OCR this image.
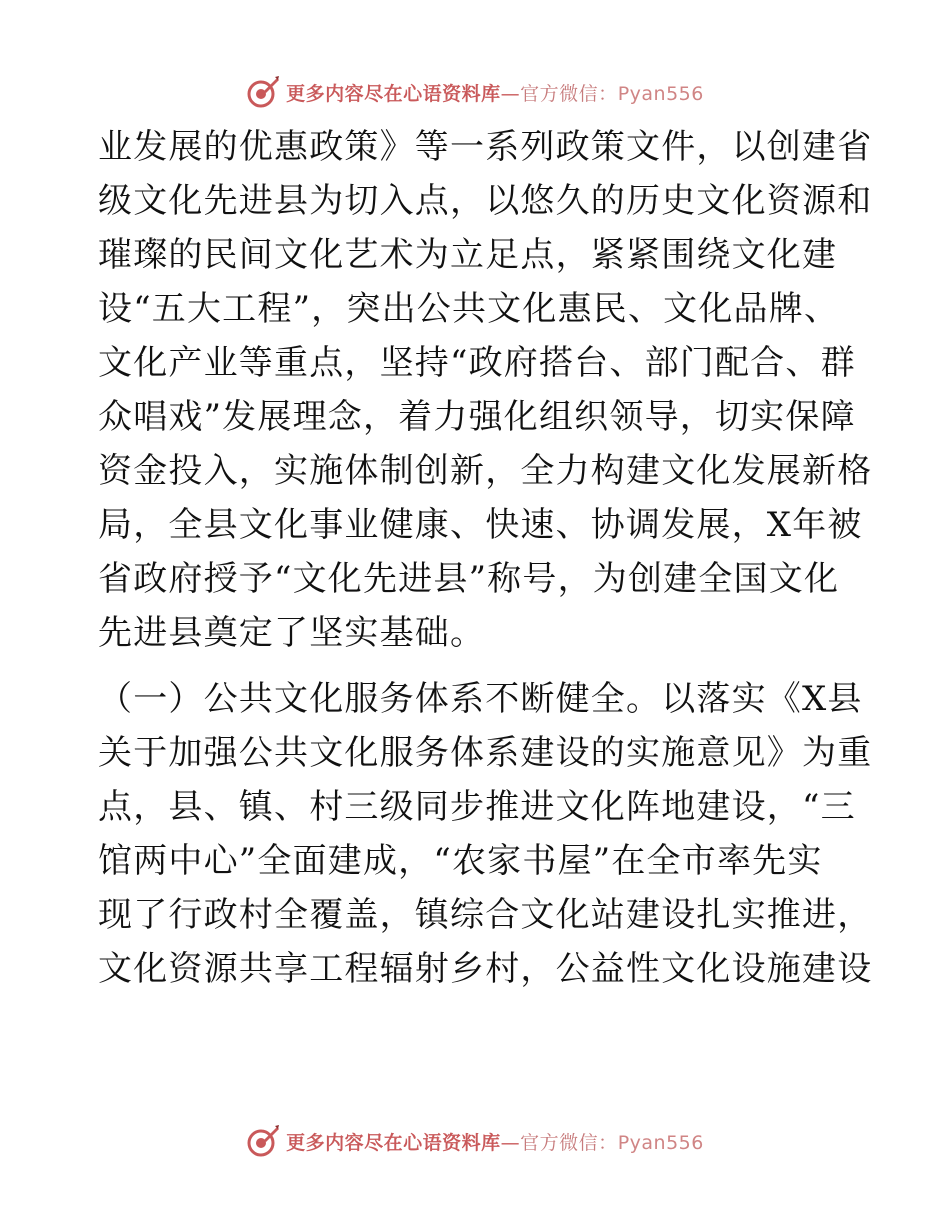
更多内容尽在心语资料库—官方微信：Pyan556
业发展的优惠政策》等一系列政策文件，以创建省
级文化先进县为切入点，以悠久的历史文化资源和
璀璨的民间文化艺术为立足点，紧紧围绕文化建
设“五大工程”，突出公共文化惠民、文化品牌、
文化产业等重点，坚持“政府搭台、部门配合、群
众唱戏”发展理念，着力强化组织领导，切实保障
资金投入，实施体制创新，全力构建文化发展新格
局，全县文化事业健康、快速、协调发展，X年被
省政府授予“文化先进县”称号，为创建全国文化
先进县奠定了坚实基础。
（一）公共文化服务体系不断健全。以落实《X县
关于加强公共文化服务体系建设的实施意见》为重
点，县、镇、村三级同步推进文化阵地建设，“三
馆两中心”全面建成，“农家书屋”在全市率先实
现了行政村全覆盖，镇综合文化站建设扎实推进，
文化资源共享工程辐射乡村，公益性文化设施建设
更多内容尽在心语资料库—官方微信：Pyan556
